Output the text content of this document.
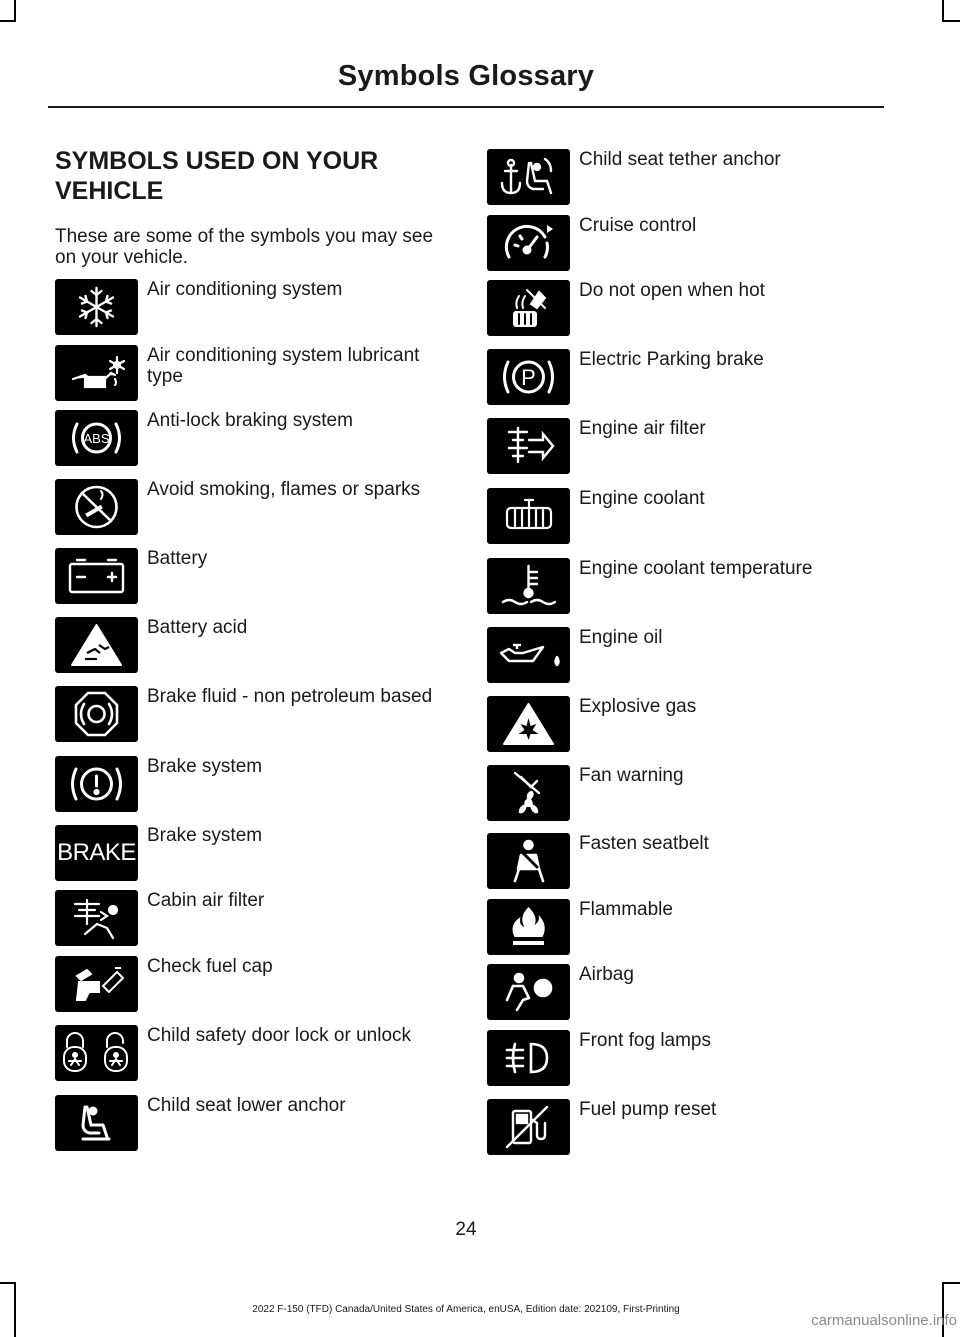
Symbols Glossary
SYMBOLS USED ON YOUR VEHICLE
These are some of the symbols you may see on your vehicle.
Air conditioning system
Air conditioning system lubricant type
ABS
Anti-lock braking system
Avoid smoking, flames or sparks
Battery
Battery acid
Brake fluid - non petroleum based
Brake system
BRAKE
Brake system
Cabin air filter
Check fuel cap
Child safety door lock or unlock
Child seat lower anchor
Child seat tether anchor
Cruise control
Do not open when hot
P
Electric Parking brake
Engine air filter
Engine coolant
Engine coolant temperature
Engine oil
Explosive gas
Fan warning
Fasten seatbelt
Flammable
Airbag
Front fog lamps
Fuel pump reset
24
2022 F-150 (TFD) Canada/United States of America, enUSA, Edition date: 202109, First-Printing
carmanualsonline.info
